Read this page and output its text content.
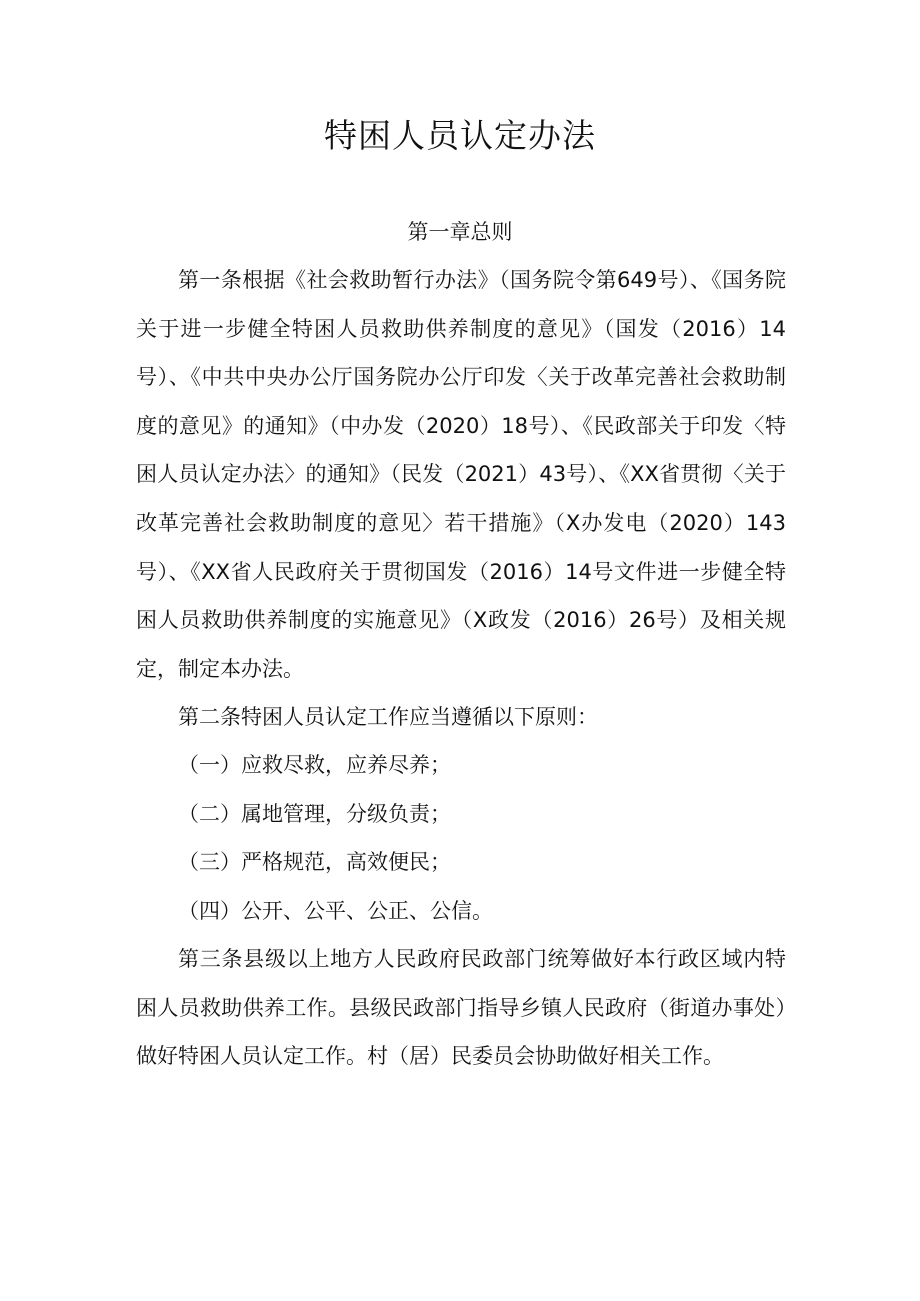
特困人员认定办法
第一章总则

第一条根据《社会救助暂行办法》（国务院令第649号）、《国务院关于进一步健全特困人员救助供养制度的意见》（国发（2016）14号）、《中共中央办公厅国务院办公厅印发〈关于改革完善社会救助制度的意见》的通知》（中办发（2020）18号）、《民政部关于印发〈特困人员认定办法〉的通知》（民发（2021）43号）、《XX省贯彻〈关于改革完善社会救助制度的意见〉若干措施》（X办发电（2020）143号）、《XX省人民政府关于贯彻国发（2016）14号文件进一步健全特困人员救助供养制度的实施意见》（X政发（2016）26号）及相关规定，制定本办法。

第二条特困人员认定工作应当遵循以下原则：

（一）应救尽救，应养尽养；

（二）属地管理，分级负责；

（三）严格规范，高效便民；

（四）公开、公平、公正、公信。

第三条县级以上地方人民政府民政部门统筹做好本行政区域内特困人员救助供养工作。县级民政部门指导乡镇人民政府（街道办事处）做好特困人员认定工作。村（居）民委员会协助做好相关工作。
